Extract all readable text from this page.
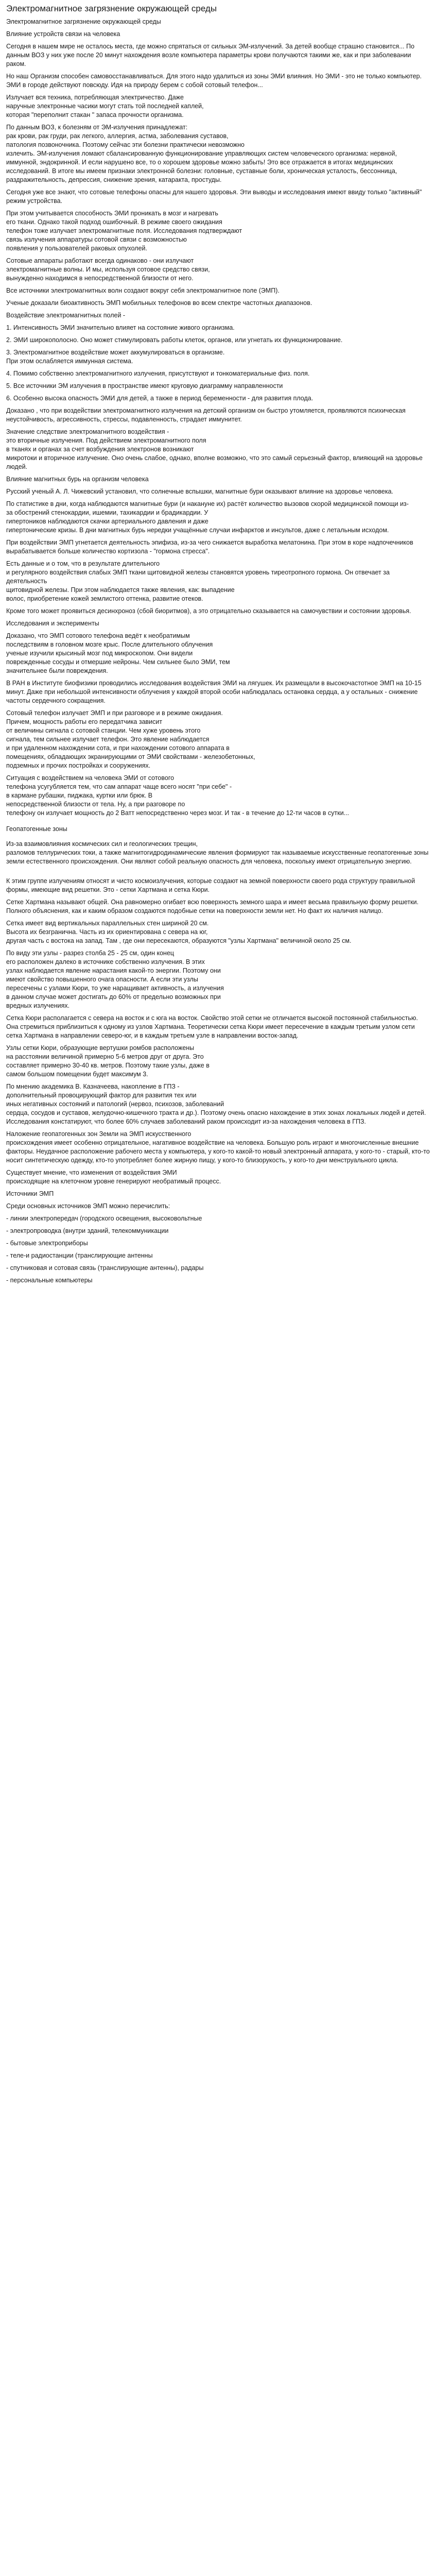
Электромагнитное загрязнение окружающей среды

Электромагнитное загрязнение окружающей среды

Влияние устройств связи на человека

Сегодня в нашем мире не осталось места, где можно спрятаться от сильных ЭМ-излучений. За детей вообще страшно становится... По данным ВОЗ у них уже после 20 минут нахождения возле компьютера параметры крови получаются такими же, как и при заболевании раком.

Но наш Организм способен самовосстанавливаться. Для этого надо удалиться из зоны ЭМИ влияния. Но ЭМИ - это не только компьютер. ЭМИ в городе действуют повсюду. Идя на природу берем с собой сотовый телефон...

Излучает вся техника, потребляющая электричество. Даже
наручные электронные часики могут стать той последней каплей,
которая "переполнит стакан " запаса прочности организма.

По данным ВОЗ, к болезням от ЭМ-излучения принадлежат:
рак крови, рак груди, рак легкого, аллергия, астма, заболевания суставов,
патология позвоночника. Поэтому сейчас эти болезни практически невозможно
излечить. ЭМ-излучения ломают сбалансированную функционирование управляющих систем человеческого организма: нервной, иммунной, эндокринной. И если нарушено все, то о хорошем здоровье можно забыть! Это все отражается в итогах медицинских исследований. В итоге мы имеем признаки электронной болезни: головные, суставные боли, хроническая усталость, бессонница, раздражительность, депрессия, снижение зрения, катаракта, простуды.

Сегодня уже все знают, что сотовые телефоны опасны для нашего здоровья. Эти выводы и исследования имеют ввиду только "активный" режим устройства.

При этом учитывается способность ЭМИ проникать в мозг и нагревать
его ткани. Однако такой подход ошибочный. В режиме своего ожидания
телефон тоже излучает электромагнитные поля. Исследования подтверждают
связь излучения аппаратуры сотовой связи с возможностью
появления у пользователей раковых опухолей.

Сотовые аппараты работают всегда одинаково - они излучают
электромагнитные волны. И мы, используя сотовое средство связи,
вынужденно находимся в непосредственной близости от него.

Все источники электромагнитных волн создают вокруг себя электромагнитное поле (ЭМП).

Ученые доказали биоактивность ЭМП мобильных телефонов во всем спектре частотных диапазонов.

Воздействие электромагнитных полей -

1. Интенсивность ЭМИ значительно влияет на состояние живого организма.

2. ЭМИ широкополосно. Оно может стимулировать работы клеток, органов, или угнетать их функционирование.

3. Электромагнитное воздействие может аккумулироваться в организме.
При этом ослабляется иммунная система.

4. Помимо собственно электромагнитного излучения, присутствуют и тонкоматериальные физ. поля.

5. Все источники ЭМ излучения в пространстве имеют круговую диаграмму направленности

6. Особенно высока опасность ЭМИ для детей, а также в период беременности - для развития плода.

Доказано , что при воздействии электромагнитного излучения на детский организм он быстро утомляется, проявляются психическая неустойчивость, агрессивность, стрессы, подавленность, страдает иммунитет.

Значение следствие электромагнитного воздействия -
это вторичные излучения. Под действием электромагнитного поля
в тканях и органах за счет возбуждения электронов возникают
микротоки и вторичное излучение. Оно очень слабое, однако, вполне возможно, что это самый серьезный фактор, влияющий на здоровье людей.

Влияние магнитных бурь на организм человека

Русский ученый А. Л. Чижевский установил, что солнечные вспышки, магнитные бури оказывают влияние на здоровье человека.

По статистике в дни, когда наблюдаются магнитные бури (и накануне их) растёт количество вызовов скорой медицинской помощи из-
за обострений стенокардии, ишемии, тахикардии и брадикардии. У
гипертоников наблюдаются скачки артериального давления и даже
гипертонические кризы. В дни магнитных бурь нередки учащённые случаи инфарктов и инсультов, даже с летальным исходом.

При воздействии ЭМП угнетается деятельность эпифиза, из-за чего снижается выработка мелатонина. При этом в коре надпочечников вырабатывается больше количество кортизола - "гормона стресса".

Есть данные и о том, что в результате длительного
и регулярного воздействия слабых ЭМП ткани щитовидной железы становятся уровень тиреотропного гормона. Он отвечает за деятельность
щитовидной железы. При этом наблюдается также явления, как: выпадение
волос, приобретение кожей землистого оттенка, развитие отеков.

Кроме того может проявиться десинхроноз (сбой биоритмов), а это отрицательно сказывается на самочувствии и состоянии здоровья.

Исследования и эксперименты

Доказано, что ЭМП сотового телефона ведёт к необратимым
последствиям в головном мозге крыс. После длительного облучения
ученые изучили крысиный мозг под микроскопом. Они видели
поврежденные сосуды и отмершие нейроны. Чем сильнее было ЭМИ, тем
значительнее были повреждения.

В РАН в Институте биофизики проводились исследования воздействия ЭМИ на лягушек. Их размещали в высокочастотное ЭМП на 10-15 минут. Даже при небольшой интенсивности облучения у каждой второй особи наблюдалась остановка сердца, а у остальных - снижение частоты сердечного сокращения.

Сотовый телефон излучает ЭМП и при разговоре и в режиме ожидания.
Причем, мощность работы его передатчика зависит
от величины сигнала с сотовой станции. Чем хуже уровень этого
сигнала, тем сильнее излучает телефон. Это явление наблюдается
и при удаленном нахождении сота, и при нахождении сотового аппарата в
помещениях, обладающих экранирующими от ЭМИ свойствами - железобетонных,
подземных и прочих постройках и сооружениях.

Ситуация с воздействием на человека ЭМИ от сотового
телефона усугубляется тем, что сам аппарат чаще всего носят "при себе" -
в кармане рубашки, пиджака, куртки или брюк. В
непосредственной близости от тела. Ну, а при разговоре по
телефону он излучает мощность до 2 Ватт непосредственно через мозг. И так - в течение до 12-ти часов в сутки...

Геопатогенные зоны

Из-за взаимовлияния космических сил и геологических трещин,
разломов теллурических токи, а также магнитогидродинамические явления формируют так называемые искусственные геопатогенные зоны земли естественного происхождения. Они являют собой реальную опасность для человека, поскольку имеют отрицательную энергию.

К этим группе излучениям относят и чисто космоизлучения, которые создают на земной поверхности своего рода структуру правильной формы, имеющие вид решетки. Это - сетки Хартмана и сетка Кюри.

Сетке Хартмана называют общей. Она равномерно огибает всю поверхность земного шара и имеет весьма правильную форму решетки. Полного объяснения, как и каким образом создаются подобные сетки на поверхности земли нет. Но факт их наличия налицо.

Сетка имеет вид вертикальных параллельных стен шириной 20 см.
Высота их безгранична. Часть из их ориентирована с севера на юг,
другая часть с востока на запад. Там , где они пересекаются, образуются "узлы Хартмана" величиной около 25 см.

По виду эти узлы - разрез столба 25 - 25 см, один конец
его расположен далеко в источнике собственно излучения. В этих
узлах наблюдается явление нарастания какой-то энергии. Поэтому они
имеют свойство повышенного очага опасности. А если эти узлы
пересечены с узлами Кюри, то уже наращивает активность, а излучения
в данном случае может достигать до 60% от предельно возможных при
вредных излучениях.

Сетка Кюри располагается с севера на восток и с юга на восток. Свойство этой сетки не отличается высокой постоянной стабильностью. Она стремиться приблизиться к одному из узлов Хартмана. Теоретически сетка Кюри имеет пересечение в каждым третьим узлом сети сетка Хартмана в направлении северо-юг, и в каждым третьем узле в направлении восток-запад.

Узлы сетки Кюри, образующие вертушки ромбов расположены
на расстоянии величиной примерно 5-6 метров друг от друга. Это
составляет примерно 30-40 кв. метров. Поэтому такие узлы, даже в
самом большом помещении будет максимум 3.

По мнению академика В. Казначеева, накопление в ГПЗ -
дополнительный провоцирующий фактор для развития тех или
иных негативных состояний и патологий (нервоз, психозов, заболеваний
сердца, сосудов и суставов, желудочно-кишечного тракта и др.). Поэтому очень опасно нахождение в этих зонах локальных людей и детей. Исследования констатируют, что более 60% случаев заболеваний раком происходит из-за нахождения человека в ГПЗ.

Наложение геопатогенных зон Земли на ЭМП искусственного
происхождения имеет особенно отрицательное, нагативное воздействие на человека. Большую роль играют и многочисленные внешние факторы. Неудачное расположение рабочего места у компьютера, у кого-то какой-то новый электронный аппарата, у кого-то - старый, кто-то носит синтетическую одежду, кто-то употребляет более жирную пищу, у кого-то близорукость, у кого-то дни менструального цикла.

Существует мнение, что изменения от воздействия ЭМИ
происходящие на клеточном уровне генерируют необратимый процесс.

Источники ЭМП

Среди основных источников ЭМП можно перечислить:

- линии электропередач (городского освещения, высоковольтные

- электропроводка (внутри зданий, телекоммуникации

- бытовые электроприборы

- теле-и радиостанции (транслирующие антенны

- спутниковая и сотовая связь (транслирующие антенны), радары

- персональные компьютеры
